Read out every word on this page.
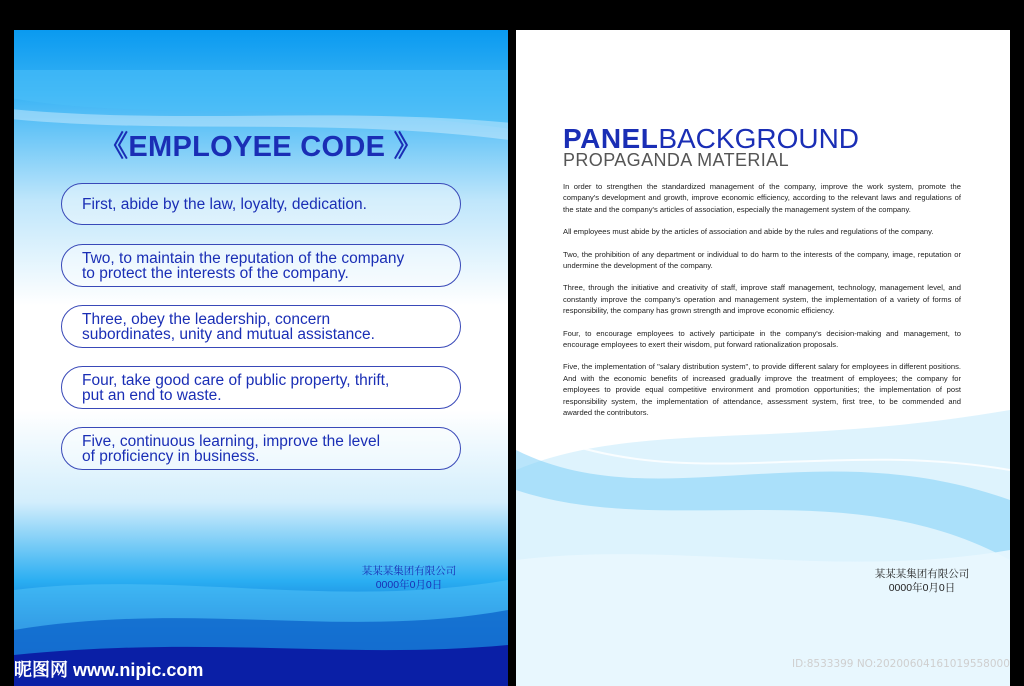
《EMPLOYEE CODE 》
First, abide by the law, loyalty, dedication.
Two, to maintain the reputation of the company
to protect the interests of the company.
Three, obey the leadership, concern
subordinates, unity and mutual assistance.
Four, take good care of public property, thrift,
put an end to waste.
Five, continuous learning, improve the level
of proficiency in business.
某某某集团有限公司
0000年0月0日
PANELBACKGROUND
PROPAGANDA MATERIAL

In order to strengthen the standardized management of the company, improve the work system, promote the company's development and growth, improve economic efficiency, according to the relevant laws and regulations of the state and the company's articles of association, especially the management system of the company.

All employees must abide by the articles of association and abide by the rules and regulations of the company.

Two, the prohibition of any department or individual to do harm to the interests of the company, image, reputation or undermine the development of the company.

Three, through the initiative and creativity of staff, improve staff management, technology, management level, and constantly improve the company's operation and management system, the implementation of a variety of forms of responsibility, the company has grown strength and improve economic efficiency.

Four, to encourage employees to actively participate in the company's decision-making and management, to encourage employees to exert their wisdom, put forward rationalization proposals.

Five, the implementation of "salary distribution system", to provide different salary for employees in different positions. And with the economic benefits of increased gradually improve the treatment of employees; the company for employees to provide equal competitive environment and promotion opportunities; the implementation of post responsibility system, the implementation of attendance, assessment system, first tree, to be commended and awarded the contributors.

某某某集团有限公司
0000年0月0日
昵图网 www.nipic.com	ID:8533399 NO:20200604161019558000
